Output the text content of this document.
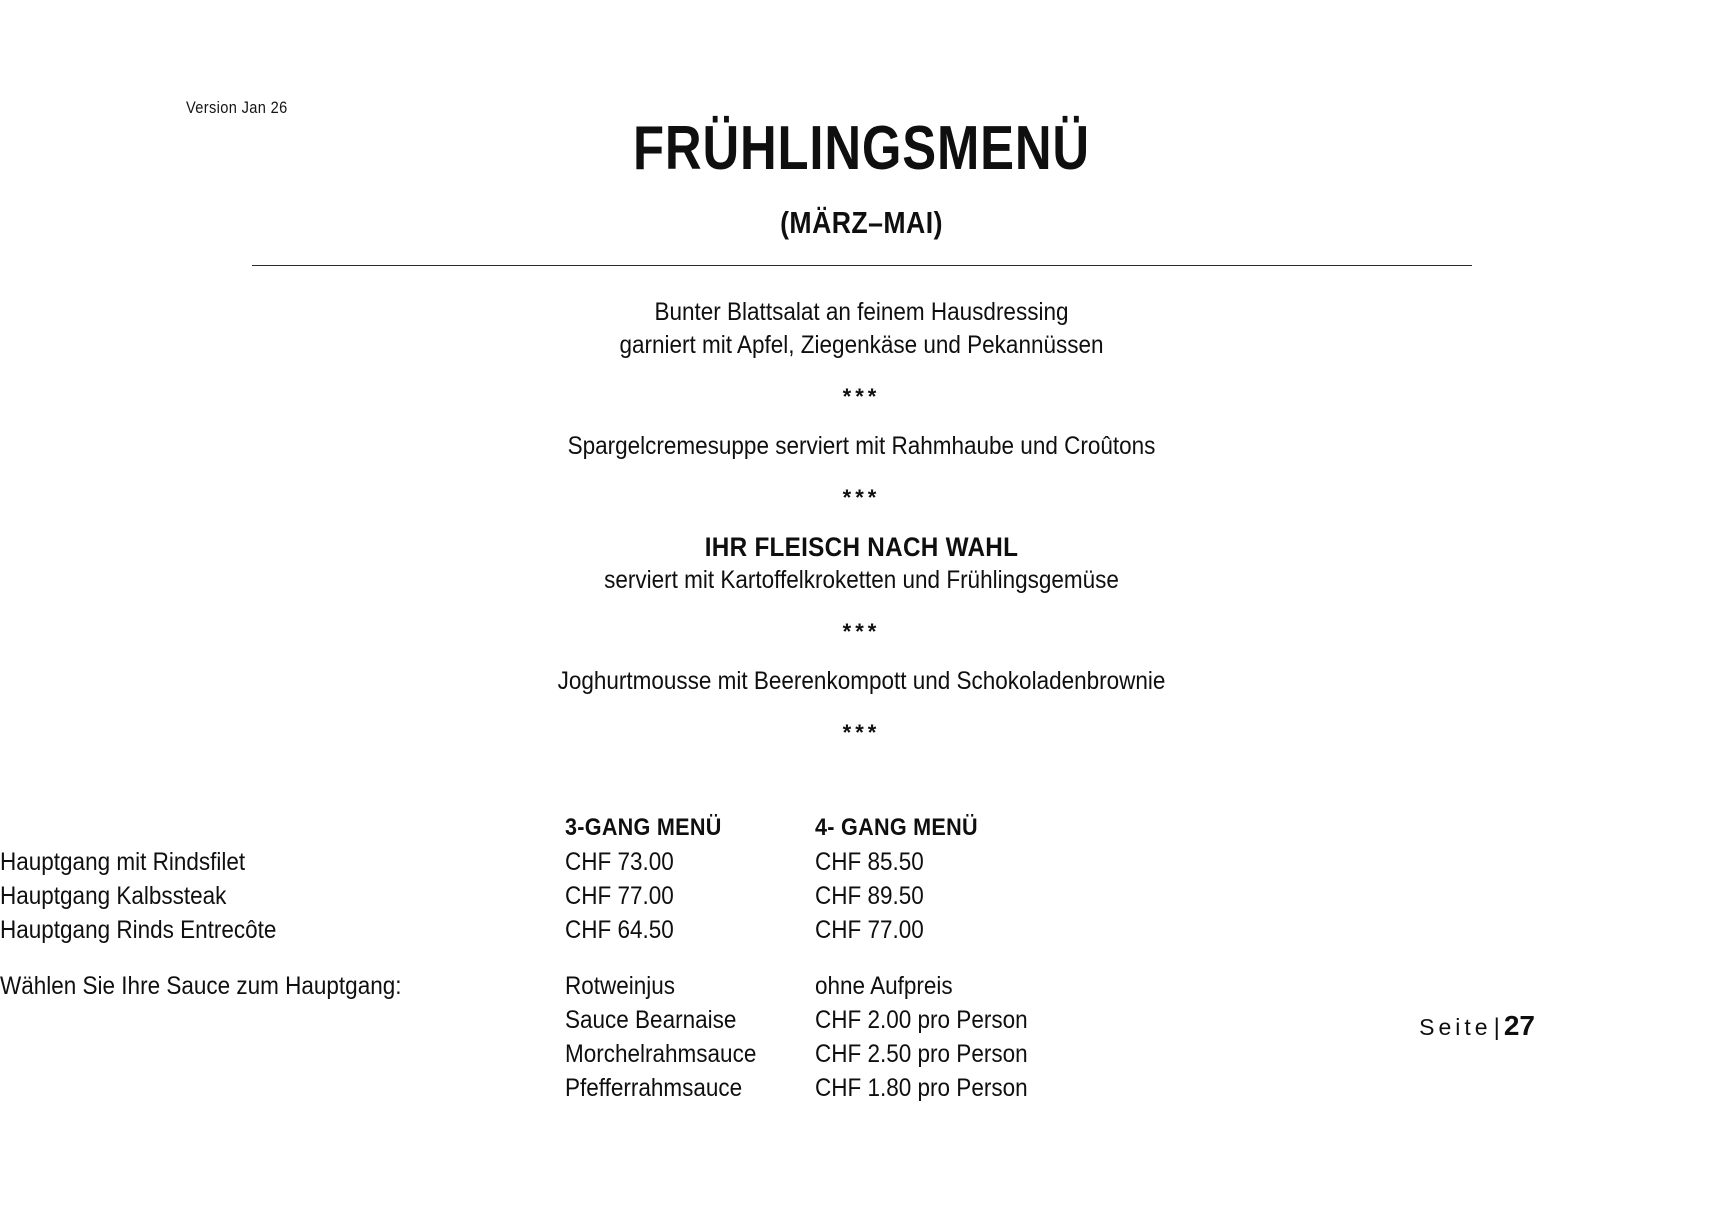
Version Jan 26
FRÜHLINGSMENÜ
(MÄRZ–MAI)
Bunter Blattsalat an feinem Hausdressing
garniert mit Apfel, Ziegenkäse und Pekannüssen
***
Spargelcremesuppe serviert mit Rahmhaube und Croûtons
***
IHR FLEISCH NACH WAHL
serviert mit Kartoffelkroketten und Frühlingsgemüse
***
Joghurtmousse mit Beerenkompott und Schokoladenbrownie
***
	3-GANG MENÜ	4- GANG MENÜ
Hauptgang mit Rindsfilet	CHF 73.00	CHF 85.50
Hauptgang Kalbssteak	CHF 77.00	CHF 89.50
Hauptgang Rinds Entrecôte	CHF 64.50	CHF 77.00

Wählen Sie Ihre Sauce zum Hauptgang:	Rotweinjus	ohne Aufpreis
	Sauce Bearnaise	CHF 2.00 pro Person
	Morchelrahmsauce	CHF 2.50 pro Person
	Pfefferrahmsauce	CHF 1.80 pro Person
Seite| 27
